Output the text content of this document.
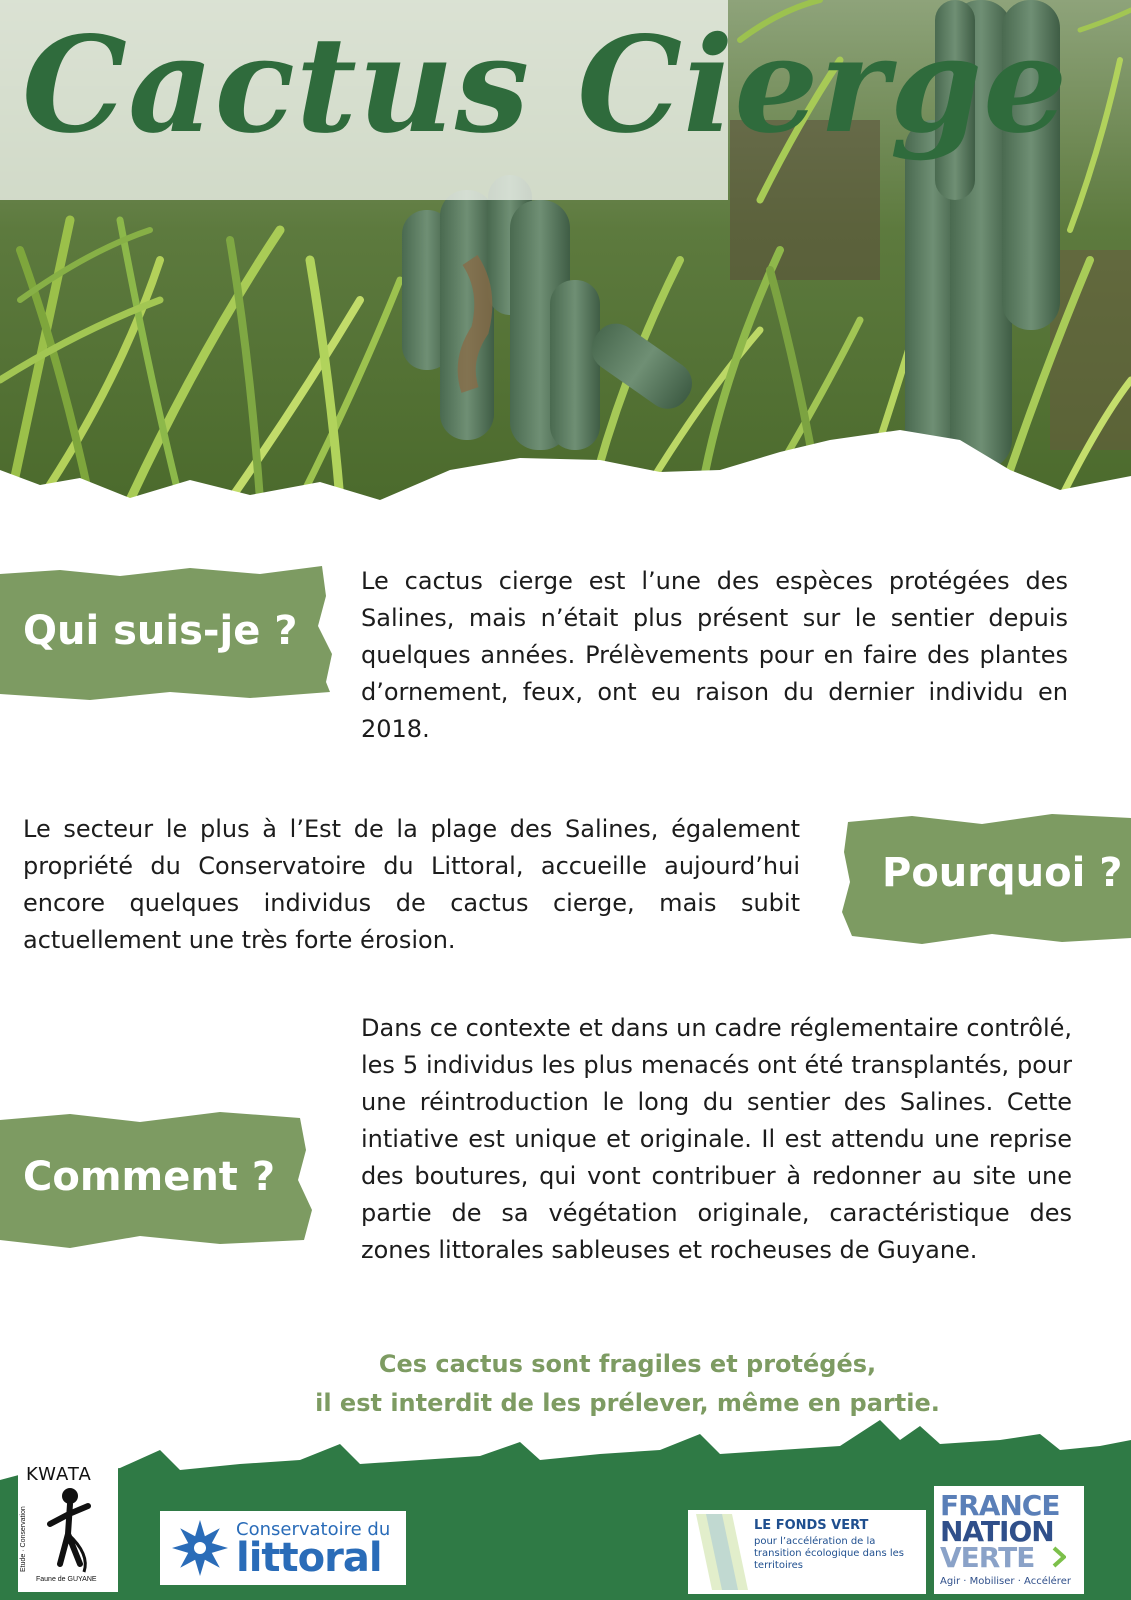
Cactus Cierge
Qui suis-je ?

Le cactus cierge est l’une des espèces protégées des Salines, mais n’était plus présent sur le sentier depuis quelques années. Prélèvements pour en faire des plantes d’ornement, feux, ont eu raison du dernier individu en 2018.

Le secteur le plus à l’Est de la plage des Salines, également propriété du Conservatoire du Littoral, accueille aujourd’hui encore quelques individus de cactus cierge, mais subit actuellement une très forte érosion.

Pourquoi ?
Comment ?

Dans ce contexte et dans un cadre réglementaire contrôlé, les 5 individus les plus menacés ont été transplantés, pour une réintroduction le long du sentier des Salines. Cette intiative est unique et originale. Il est attendu une reprise des boutures, qui vont contribuer à redonner au site une partie de sa végétation originale, caractéristique des zones littorales sableuses et rocheuses de Guyane.

Ces cactus sont fragiles et protégés,

il est interdit de les prélever, même en partie.

KWATA
Etude · Conservation
Faune de GUYANE
Conservatoire du
littoral
LE FONDS VERT
pour l’accélération de la transition écologique dans les territoires
FRANCE
NATION
VERTE
Agir · Mobiliser · Accélérer
